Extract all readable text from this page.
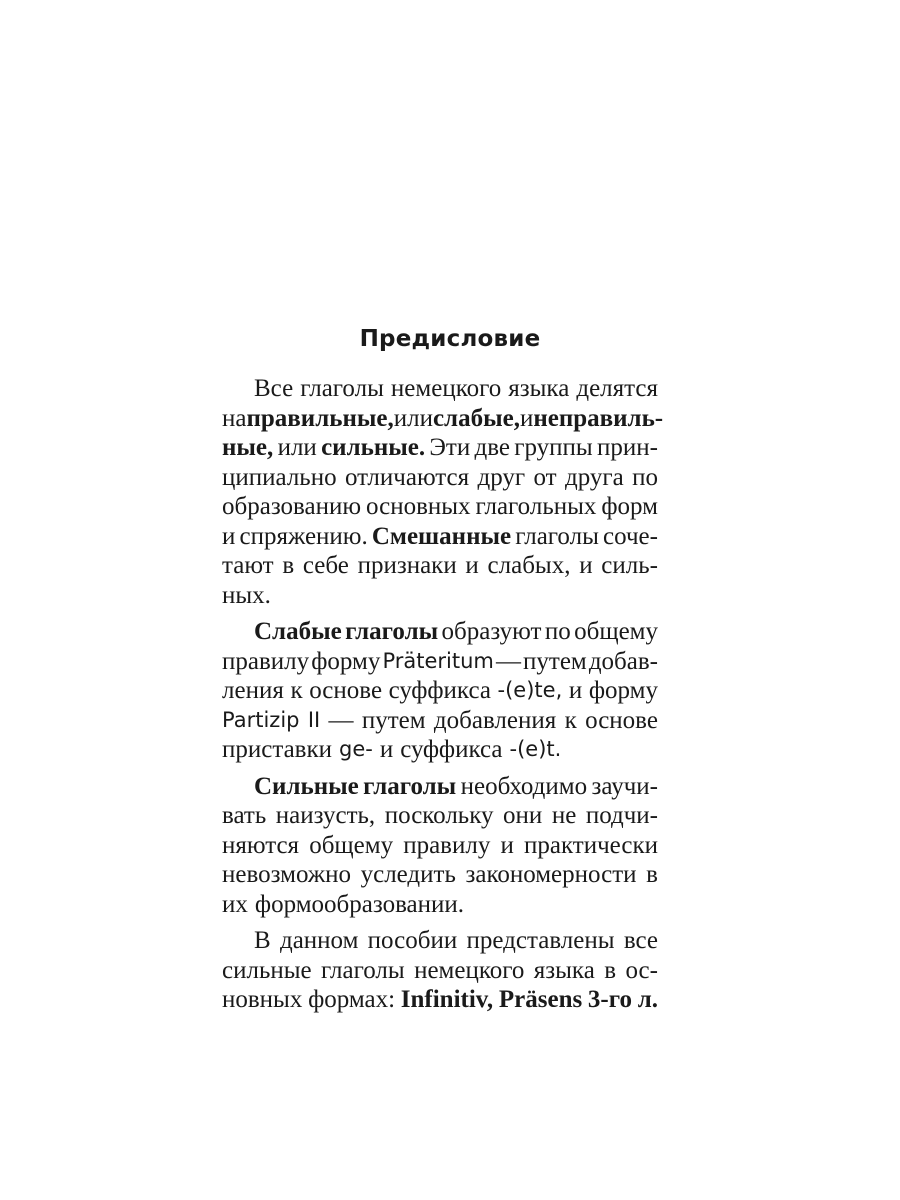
Предисловие
Все глаголы немецкого языка делятся
на правильные, или слабые, и неправиль-
ные, или сильные. Эти две группы прин-
ципиально отличаются друг от друга по
образованию основных глагольных форм
и спряжению. Смешанные глаголы соче-
тают в себе признаки и слабых, и силь-
ных.
Слабые глаголы образуют по общему
правилу форму Präteritum — путем добав-
ления к основе суффикса -(e)te, и форму
Partizip II — путем добавления к основе
приставки ge- и суффикса -(e)t.
Сильные глаголы необходимо заучи-
вать наизусть, поскольку они не подчи-
няются общему правилу и практически
невозможно уследить закономерности в
их формообразовании.
В данном пособии представлены все
сильные глаголы немецкого языка в ос-
новных формах: Infinitiv, Präsens 3-го л.
